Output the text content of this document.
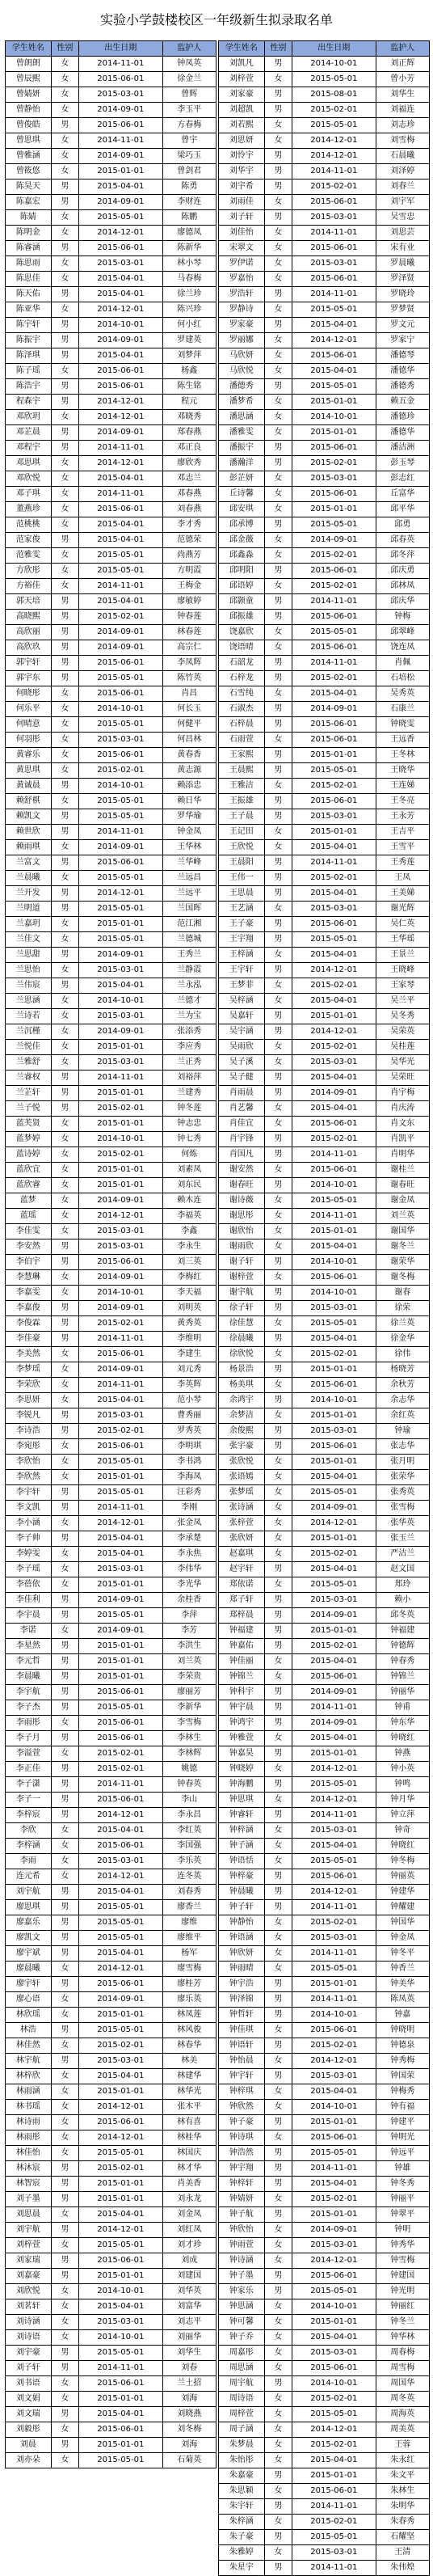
实验小学鼓楼校区一年级新生拟录取名单
学生姓名	性别	出生日期	监护人
曾朗朗	女	2014-11-01	钟凤英
曾辰熙	女	2015-06-01	徐金兰
曾婧妍	女	2015-03-01	曾辉
曾静怡	女	2014-09-01	李玉平
曾俊皓	男	2015-06-01	方春梅
曾思琪	女	2014-11-01	曾宇
曾雅涵	女	2014-09-01	梁巧玉
曾筱悠	女	2015-01-01	曾剑君
陈昊天	男	2015-04-01	陈勇
陈嘉宏	男	2014-09-01	李财连
陈婧	女	2015-05-01	陈鹏
陈明金	女	2014-12-01	廖德凤
陈睿涵	男	2015-06-01	陈新华
陈思雨	女	2015-03-01	林小琴
陈思佳	女	2015-04-01	马春梅
陈天佑	男	2015-04-01	徐兰珍
陈亚华	女	2014-12-01	陈兴珍
陈宇轩	男	2014-10-01	何小红
陈振宇	男	2014-09-01	罗建英
陈泽琪	男	2015-04-01	刘梦萍
陈子瑶	女	2015-06-01	杨鑫
陈浩宇	男	2015-06-01	陈生铭
程森宇	男	2014-12-01	程元
邓欣玥	女	2014-12-01	邓晓秀
邓芷晨	男	2014-09-01	郑春燕
邓程宇	男	2014-11-01	邓正良
邓思琪	女	2014-12-01	廖欣秀
邓欣悦	女	2015-04-01	邓志兰
邓子琪	女	2014-11-01	邓春燕
董燕珍	女	2015-06-01	刘春燕
范桃桃	女	2015-04-01	李才秀
范家俊	男	2015-04-01	范德荣
范雅雯	女	2015-05-01	尚燕芳
方欣彤	女	2015-05-01	方明霞
方裕佳	女	2014-11-01	王梅金
郭天培	男	2015-04-01	廖敏婷
高晓熙	男	2015-02-01	钟春莲
高欣丽	男	2014-09-01	林春莲
高欣玖	男	2014-09-01	高宗仁
郭宇轩	男	2015-06-01	李凤辉
郭宇东	男	2015-05-01	陈竹英
何晓彤	女	2015-06-01	肖昌
何乐平	女	2014-10-01	何长玉
何晴意	女	2015-05-01	何健平
何羽彤	女	2015-03-01	何昌林
黄睿乐	女	2015-06-01	黄春香
黄思琪	女	2015-02-01	黄志源
黄诚晨	男	2014-10-01	赖添忠
赖舒棋	女	2015-05-01	赖日华
赖凯文	男	2015-05-01	罗华瑜
赖世欣	男	2014-11-01	钟金凤
赖雨琪	女	2014-09-01	王华林
兰富文	男	2015-06-01	兰华峰
兰晨曦	女	2015-05-01	兰远昌
兰开发	男	2014-12-01	兰远平
兰明道	男	2015-05-01	兰国晖
兰嘉玥	女	2015-01-01	范江湘
兰佳文	女	2015-05-01	兰德城
兰思甜	男	2014-09-01	王秀兰
兰思怡	女	2015-03-01	兰静霞
兰伟宸	男	2015-04-01	兰永泓
兰思涵	女	2014-10-01	兰德才
兰诗若	女	2015-03-01	兰为宝
兰沉槿	女	2014-09-01	张添秀
兰悦佳	女	2015-01-01	李应秀
兰雅舒	女	2015-03-01	兰正秀
兰睿权	男	2014-11-01	刘裕萍
兰芷轩	男	2015-01-01	兰建秀
兰子悦	男	2015-02-01	钟冬莲
蓝芙贤	女	2015-01-01	钟志忠
蓝梦婷	女	2014-10-01	钟七秀
蓝诗婷	女	2015-02-01	何炼
蓝欣宜	女	2015-01-01	刘素凤
蓝欣睿	女	2015-01-01	刘东民
蓝梦	女	2014-09-01	赖木连
蓝瑶	女	2014-12-01	李福英
李佳雯	女	2015-03-01	李鑫
李安然	男	2015-03-01	李永生
李伯宇	男	2015-06-01	刘三英
李慧琳	女	2014-09-01	李梅红
李嘉雯	女	2014-10-01	李天福
李嘉俊	男	2014-09-01	刘明英
李俊霖	男	2015-02-01	黄秀英
李佳豪	男	2014-11-01	李维明
李美然	女	2015-06-01	李建生
李梦瑶	女	2014-09-01	刘元秀
李荣欣	女	2014-11-01	李英辉
李思妍	女	2015-04-01	范小琴
李锐凡	男	2015-03-01	曹秀丽
李诗浩	男	2015-02-01	罗秀英
李宛彤	女	2015-06-01	李明琪
李欣怡	女	2015-05-01	李书鸿
李欣然	女	2015-01-01	李海凤
李宇轩	男	2015-05-01	汪彩秀
李文凯	男	2014-11-01	李刚
李小涵	女	2014-12-01	张金凤
李子帅	男	2015-04-01	李承楚
李婷雯	女	2015-04-01	李永焦
李子瑶	女	2015-03-01	李伟华
李蓓依	女	2015-01-01	李光华
李佳利	男	2014-09-01	余桂香
李宇晨	男	2015-05-01	李萍
李诺	女	2014-09-01	李芳
李星然	男	2015-01-01	李洪生
李元哲	男	2015-01-01	刘兰英
李晨曦	男	2015-01-01	李荣贵
李宇航	男	2015-06-01	廖丽芳
李子杰	男	2015-05-01	李新华
李雨彤	女	2015-06-01	李雪梅
李子月	男	2015-06-01	李林生
李溢萱	女	2015-02-01	李林辉
李正佳	男	2015-02-01	姚德
李子潇	男	2014-11-01	钟春英
李子一	男	2015-06-01	李山
李梓宸	男	2014-12-01	李永昌
李欣	女	2015-04-01	李红英
李梓涵	女	2015-06-01	李国强
李雨	女	2015-03-01	李乐英
连元希	女	2014-12-01	连冬英
刘宇航	男	2015-04-01	刘春秀
廖思琪	男	2015-05-01	廖香兰
廖嘉乐	男	2015-05-01	廖维
廖凯文	男	2015-05-01	廖维平
廖宇斌	男	2015-04-01	杨军
廖晨曦	女	2014-12-01	廖雪梅
廖宇轩	男	2015-06-01	廖桂芳
廖心语	女	2014-09-01	廖乐英
林欣瑶	女	2015-01-01	林凤莲
林浩	男	2015-05-01	林风俊
林佳然	女	2015-02-01	林春华
林宇航	男	2015-03-01	林美
林梓欣	女	2015-04-01	林建华
林雨涵	女	2015-01-01	林华光
林书瑶	女	2014-12-01	张木平
林诗雨	女	2015-06-01	林有喜
林雨彤	女	2014-12-01	林桂华
林佳怡	女	2015-05-01	林国庆
林沐宸	男	2015-02-01	林才华
林智宸	男	2015-01-01	肖美香
刘子墨	男	2015-01-01	刘永龙
刘思晨	女	2015-04-01	刘金凤
刘宇航	男	2014-12-01	刘红凤
刘梓萱	女	2015-05-01	刘才珍
刘家瑞	男	2015-06-01	刘成
刘嘉豪	男	2015-01-01	刘建国
刘欣悦	女	2014-10-01	刘华英
刘茗轩	女	2015-04-01	刘富华
刘诗涵	女	2015-03-01	刘志平
刘诗语	女	2014-10-01	刘丽华
刘宇豪	男	2015-05-01	刘华生
刘子轩	男	2014-11-01	刘春
刘书语	女	2015-06-01	兰土招
刘文娟	女	2015-01-01	刘海
刘文瑞	男	2015-04-01	刘晓燕
刘毅彤	女	2015-06-01	刘冬梅
刘晨	男	2015-01-01	刘海
刘亦朵	女	2015-05-01	石菊英
学生姓名	性别	出生日期	监护人
刘凯凡	男	2014-10-01	刘正辉
刘梓萱	女	2015-05-01	曾小芳
刘家豪	男	2015-08-01	刘华生
刘超凯	男	2015-02-01	刘福连
刘若熙	女	2015-05-01	刘志珍
刘思妍	女	2014-12-01	刘雪梅
刘怜宇	男	2014-12-01	石晨曦
刘华宇	男	2014-11-01	刘泽婷
刘宇希	男	2015-02-01	刘春兰
刘雨佳	女	2015-06-01	刘宇军
刘子轩	男	2015-03-01	吴雪忠
刘佳怡	女	2014-11-01	刘思芸
宋翠文	女	2015-06-01	宋有业
罗伊诺	女	2015-03-01	罗晨曦
罗嘉怡	女	2015-06-01	罗泽贤
罗浩轩	男	2014-11-01	罗晓玲
罗静诗	女	2015-05-01	罗梦贤
罗家豪	男	2015-04-01	罗文元
罗丽娜	女	2014-12-01	罗家宁
马欣妍	女	2015-06-01	潘德琴
马欣悦	女	2015-04-01	潘德华
潘德秀	男	2015-05-01	潘德秀
潘梦希	女	2015-01-01	赖五金
潘思涵	女	2014-10-01	潘德珍
潘雅雯	女	2015-01-01	潘德华
潘振宇	男	2015-06-01	潘洁洲
潘瀚洋	男	2015-02-01	彭玉琴
彭芷妍	女	2015-03-01	彭志红
丘诗馨	女	2015-06-01	丘富华
邱安琪	女	2015-01-01	邱平华
邱承博	男	2015-05-01	邱勇
邱金薇	女	2014-09-01	邱春英
邱鑫淼	女	2015-02-01	邱冬萍
邱明阳	男	2015-06-01	邱庆勇
邱语婷	女	2015-02-01	邱林凤
邱颢童	男	2014-11-01	邱庆华
邱振雄	男	2015-06-01	钟梅
饶嘉欣	女	2015-05-01	邱翠峰
饶语晴	女	2015-06-01	饶连凤
石韶龙	男	2014-11-01	肖佩
石梓龙	男	2015-02-01	石培松
石雪纯	女	2015-04-01	吴秀英
石淑杰	男	2014-09-01	石康兰
石梓晨	男	2015-06-01	钟晓雯
石雨萱	女	2015-06-01	王远香
王家熙	男	2015-01-01	王冬林
王晨熙	男	2015-05-01	王晓华
王雅洁	女	2015-02-01	王连娣
王振雄	男	2015-06-01	王冬亮
王子晨	男	2015-03-01	王永芳
王记田	女	2015-01-01	王吉平
王欣悦	女	2015-04-01	王雪平
王晨阳	男	2014-11-01	王秀莲
王伟一	男	2015-02-01	王凤
王思晨	男	2015-04-01	王美娣
王艺涵	女	2015-03-01	谢光辉
王子豪	男	2015-06-01	吴仁英
王宇翔	男	2015-05-01	王华瑶
王梓涵	女	2015-04-01	王景兰
王宇轩	男	2014-12-01	王晓峰
王梦菲	女	2015-02-01	王家琴
吴梓涵	女	2015-04-01	吴兰平
吴嘉轩	男	2015-01-01	吴冬秀
吴宇涵	男	2014-12-01	吴荣英
吴雨欣	女	2015-02-01	吴桂莲
吴子溪	女	2015-03-01	吴华光
吴子健	男	2015-04-01	吴荣旺
肖雨晨	男	2014-09-01	肖宇梅
肖艺馨	女	2015-04-01	肖庆涛
肖佳宜	女	2015-06-01	肖文东
肖宇锋	男	2015-02-01	肖凯平
肖国凡	男	2014-11-01	肖明华
谢安然	女	2015-06-01	谢桂兰
谢春旺	男	2014-10-01	谢春旺
谢诗薇	女	2015-05-01	谢金凤
谢思彤	女	2014-11-01	刘兰英
谢欣怡	女	2015-01-01	谢国华
谢雨欣	女	2015-04-01	谢冬兰
谢子轩	男	2014-10-01	谢荣华
谢梓萱	女	2015-06-01	谢冬梅
谢宇航	男	2014-10-01	谢春
徐子轩	男	2015-03-01	徐荣
徐佳慧	女	2015-05-01	徐兰英
徐晨曦	男	2015-04-01	徐金华
徐欣悦	女	2015-02-01	徐伟
杨景浩	男	2015-01-01	杨晓芳
杨美琪	女	2015-06-01	余秋芳
余鸿宇	男	2014-10-01	余志华
余梦洁	女	2015-01-01	余红英
余俊熙	男	2015-03-01	钟瑜
张宇豪	男	2015-06-01	张志华
张欣悦	女	2015-01-01	张月明
张语嫣	女	2015-04-01	张荣华
张梦瑶	女	2015-05-01	张秀英
张诗涵	女	2014-09-01	张雪梅
张梓萱	女	2014-12-01	张华英
张欣妍	女	2015-01-01	张玉兰
赵嘉琪	女	2015-02-01	严洁兰
赵宇轩	男	2015-04-01	赵文国
郑依诺	女	2015-05-01	郑玲
郑子轩	男	2015-03-01	赖小
郑梓晨	男	2014-09-01	邱冬英
钟福建	男	2015-01-01	钟福建
钟嘉佑	男	2015-02-01	钟德辉
钟佳丽	女	2015-04-01	钟春秀
钟锦兰	女	2015-06-01	钟锦兰
钟科宇	男	2014-09-01	钟丽华
钟宇晨	男	2014-11-01	钟甫
钟鸿宇	男	2014-09-01	钟东华
钟雅萱	女	2015-04-01	钟晓红
钟嘉昊	男	2015-01-01	钟燕
钟晓婷	女	2014-12-01	钟小英
钟海鹏	男	2015-05-01	钟鸣
钟思琪	女	2014-12-01	钟月华
钟睿轩	男	2014-11-01	钟立萍
钟梓涵	女	2015-03-01	钟奇
钟子涵	女	2015-04-01	钟晓红
钟语恬	女	2015-05-01	钟冬梅
钟梓豪	男	2015-06-01	钟丽英
钟晨曦	男	2014-12-01	钟建华
钟子轩	男	2014-11-01	钟耀建
钟静怡	女	2015-02-01	钟国华
钟语涵	女	2015-03-01	钟金凤
钟欣妍	女	2014-11-01	钟冬平
钟雨晴	女	2015-05-01	钟香兰
钟宇浩	男	2015-01-01	钟美华
钟泽锦	男	2014-11-01	陈凤英
钟哲轩	男	2014-10-01	钟嘉
钟佳琪	女	2015-06-01	钟晓明
钟语轩	男	2015-02-01	钟德泉
钟怡晨	女	2014-12-01	钟秀梅
钟宇轩	男	2015-03-01	钟国荣
钟梓琪	女	2015-04-01	钟梅秀
钟欣然	女	2014-10-01	钟有福
钟子豪	男	2015-01-01	钟建平
钟诗琪	女	2015-06-01	钟明光
钟浩然	男	2015-05-01	钟远平
钟宇翔	男	2014-11-01	钟雄
钟梓轩	男	2015-04-01	钟冬秀
钟婧妍	女	2015-02-01	钟丽平
钟子航	男	2015-01-01	钟翠平
钟欣怡	女	2014-09-01	钟明
钟雨萱	女	2015-03-01	钟秀华
钟诗涵	女	2014-12-01	钟雪梅
钟子墨	男	2015-06-01	钟建国
钟家乐	男	2015-05-01	钟光明
钟思涵	女	2014-10-01	钟丽红
钟可馨	女	2015-01-01	钟冬兰
钟子乔	女	2015-04-01	钟华林
周嘉彤	女	2015-03-01	周春梅
周思涵	女	2015-06-01	周雪梅
周宇航	男	2014-10-01	周国华
周诗语	女	2015-02-01	周冬英
周梓萱	女	2015-05-01	周海英
周子涵	女	2014-12-01	周美英
朱梦晨	女	2015-02-01	王蓉
朱怡彤	女	2015-04-01	朱永红
朱嘉豪	男	2015-01-01	朱文平
朱思颖	女	2015-06-01	朱林生
朱宇轩	男	2014-11-01	朱明华
朱梓涵	女	2015-02-01	朱春秀
朱子豪	男	2015-05-01	石耀坚
朱雅婷	女	2015-03-01	王清
朱星宇	男	2014-11-01	朱伟煌
